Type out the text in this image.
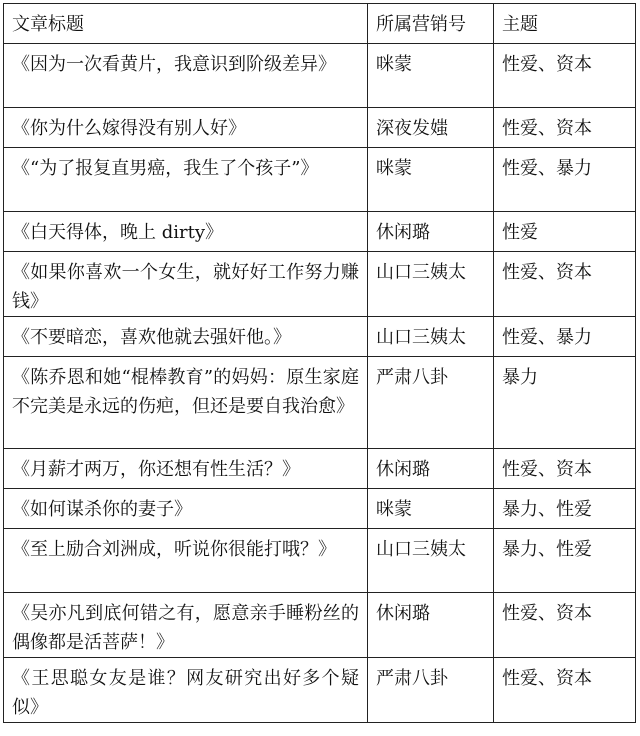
文章标题	所属营销号	主题
《因为一次看黄片，我意识到阶级差异》	咪蒙	性爱、资本
《你为什么嫁得没有别人好》	深夜发媸	性爱、资本
《“为了报复直男癌，我生了个孩子”》	咪蒙	性爱、暴力
《白天得体，晚上 dirty》	休闲璐	性爱
《如果你喜欢一个女生，就好好工作努力赚钱》	山口三姨太	性爱、资本
《不要暗恋，喜欢他就去强奸他。》	山口三姨太	性爱、暴力
《陈乔恩和她“棍棒教育”的妈妈：原生家庭不完美是永远的伤疤，但还是要自我治愈》	严肃八卦	暴力
《月薪才两万，你还想有性生活？》	休闲璐	性爱、资本
《如何谋杀你的妻子》	咪蒙	暴力、性爱
《至上励合刘洲成，听说你很能打哦？》	山口三姨太	暴力、性爱
《吴亦凡到底何错之有，愿意亲手睡粉丝的偶像都是活菩萨！》	休闲璐	性爱、资本
《王思聪女友是谁？网友研究出好多个疑似》	严肃八卦	性爱、资本
